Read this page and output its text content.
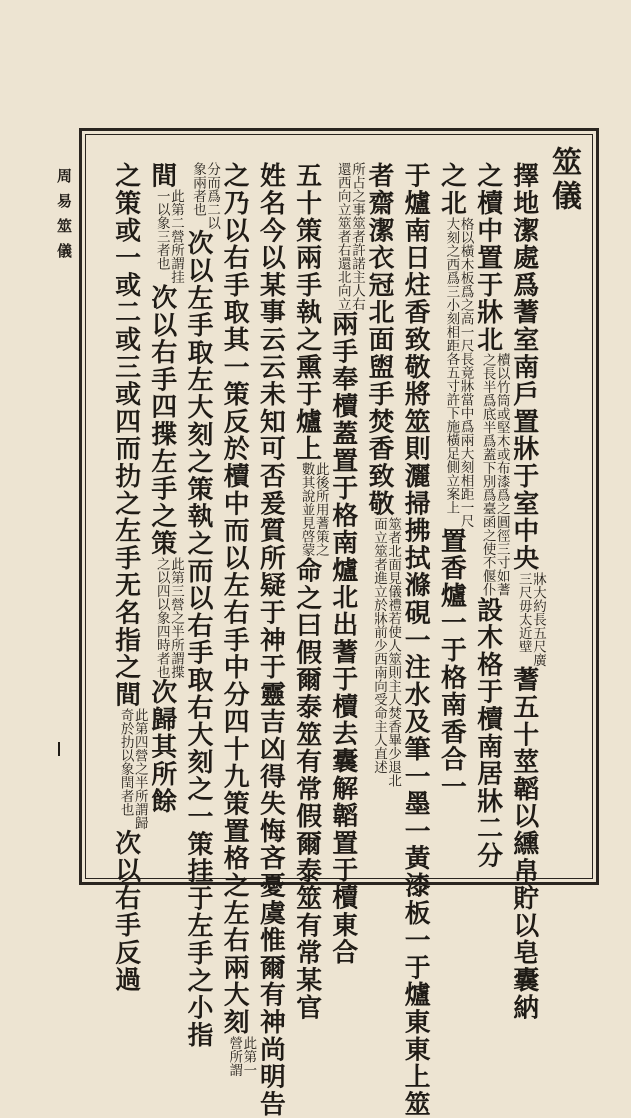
周易筮儀	筮儀
擇地潔處爲蓍室南戶置牀于室中央牀大約長五尺廣三尺毋太近壁蓍五十莖韜以纁帛貯以皂囊納
之櫝中置于牀北櫝以竹筒或堅木或布漆爲之圓徑三寸如蓍之長半爲底半爲蓋下別爲臺函之使不偃仆設木格于櫝南居牀二分
之北格以橫木板爲之高一尺長竟牀當中爲兩大刻相距一尺大刻之西爲三小刻相距各五寸許下施橫足側立案上置香爐一于格南香合一
于爐南日炷香致敬將筮則灑掃拂拭滌硯一注水及筆一墨一黃漆板一于爐東東上筮
者齋潔衣冠北面盥手焚香致敬筮者北面見儀禮若使人筮則主人焚香畢少退北面立筮者進立於牀前少西南向受命主人直述
所占之事筮者許諾主人右還西向立筮者右還北向立兩手奉櫝蓋置于格南爐北出蓍于櫝去囊解韜置于櫝東合
五十策兩手執之熏于爐上此後所用蓍策之數其說並見啓蒙命之曰假爾泰筮有常假爾泰筮有常某官
姓名今以某事云云未知可否爰質所疑于神于靈吉凶得失悔吝憂虞惟爾有神尚明告
之乃以右手取其一策反於櫝中而以左右手中分四十九策置格之左右兩大刻此第一營所謂
分而爲二以象兩者也次以左手取左大刻之策執之而以右手取右大刻之一策挂于左手之小指
間此第二營所謂挂一以象三者也次以右手四揲左手之策此第三營之半所謂揲之以四以象四時者也次歸其所餘
之策或一或二或三或四而扐之左手无名指之間此第四營之半所謂歸奇於扐以象閏者也次以右手反過
